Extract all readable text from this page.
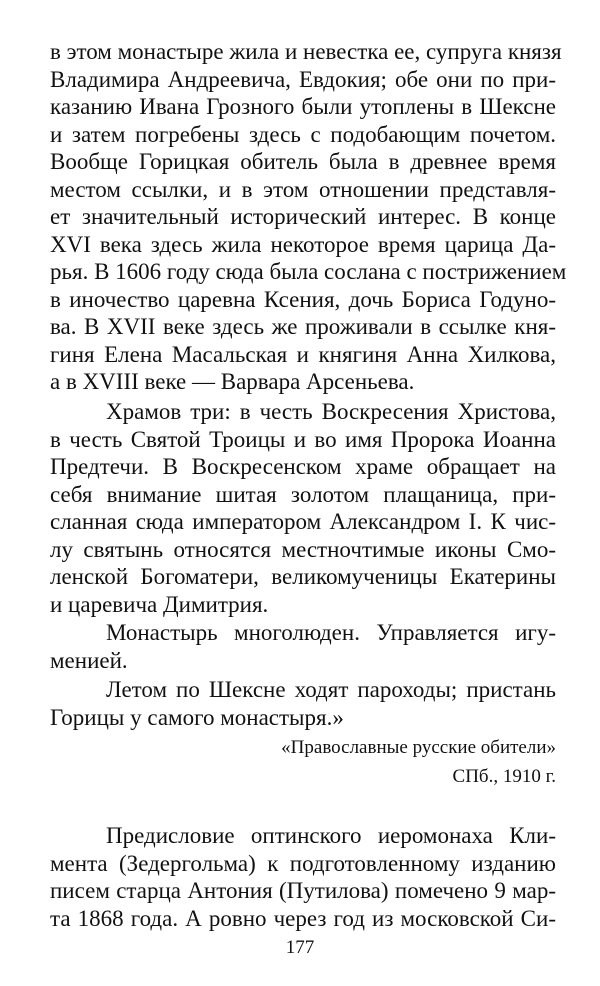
в этом монастыре жила и невестка ее, супруга князя
Владимира Андреевича, Евдокия; обе они по при-
казанию Ивана Грозного были утоплены в Шексне
и затем погребены здесь с подобающим почетом.
Вообще Горицкая обитель была в древнее время
местом ссылки, и в этом отношении представля-
ет значительный исторический интерес. В конце
XVI века здесь жила некоторое время царица Да-
рья. В 1606 году сюда была сослана с пострижением
в иночество царевна Ксения, дочь Бориса Годуно-
ва. В XVII веке здесь же проживали в ссылке кня-
гиня Елена Масальская и княгиня Анна Хилкова,
а в XVIII веке — Варвара Арсеньева.
Храмов три: в честь Воскресения Христова,
в честь Святой Троицы и во имя Пророка Иоанна
Предтечи. В Воскресенском храме обращает на
себя внимание шитая золотом плащаница, при-
сланная сюда императором Александром I. К чис-
лу святынь относятся местночтимые иконы Смо-
ленской Богоматери, великомученицы Екатерины
и царевича Димитрия.
Монастырь многолюден. Управляется игу-
менией.
Летом по Шексне ходят пароходы; пристань
Горицы у самого монастыря.»
«Православные русские обители»
СПб., 1910 г.
Предисловие оптинского иеромонаха Кли-
мента (Зедергольма) к подготовленному изданию
писем старца Антония (Путилова) помечено 9 мар-
та 1868 года. А ровно через год из московской Си-
177
